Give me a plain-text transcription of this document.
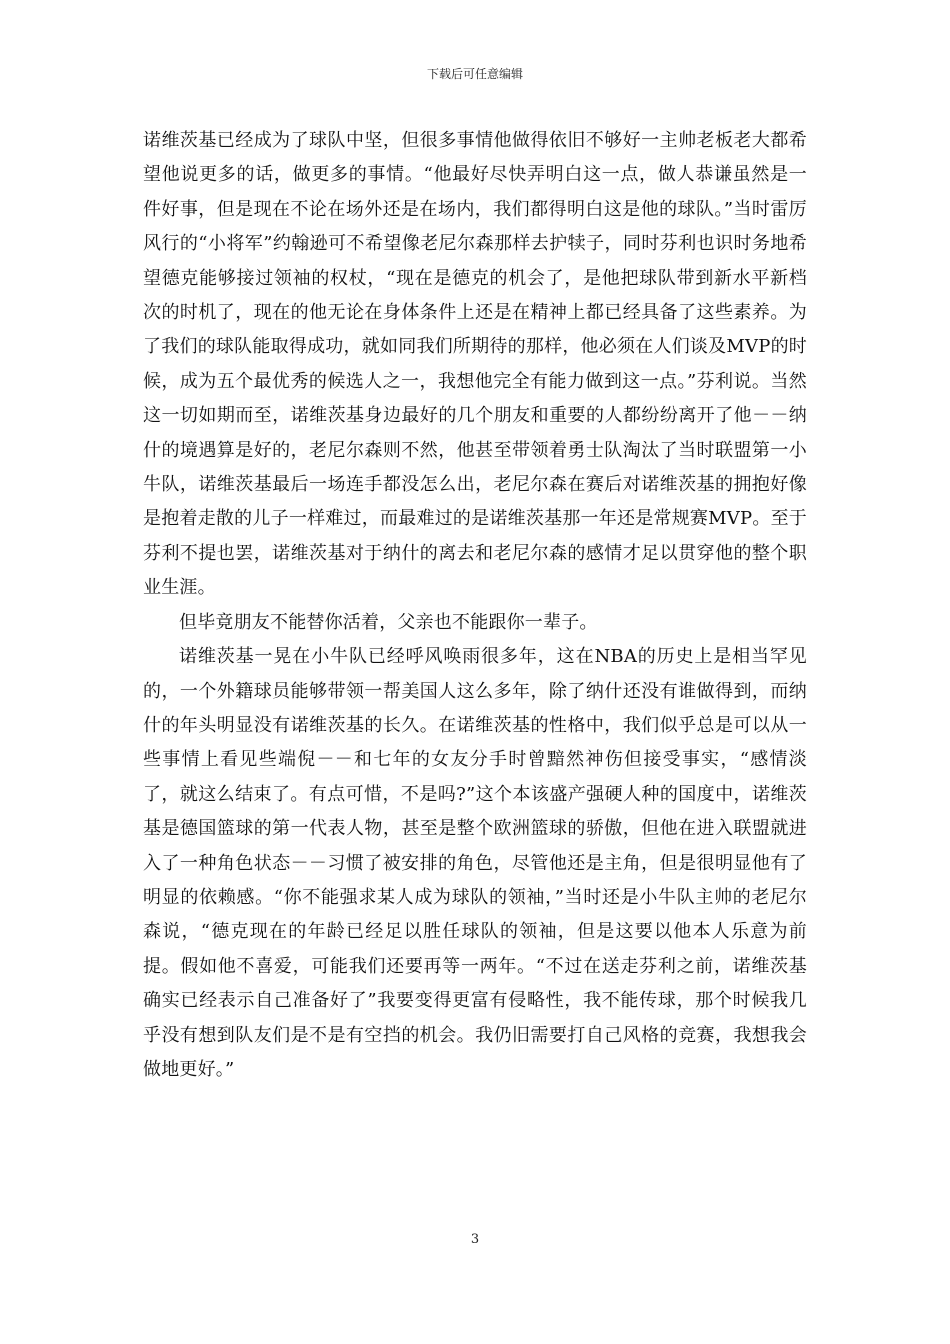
下载后可任意编辑

诺维茨基已经成为了球队中坚，但很多事情他做得依旧不够好一主帅老板老大都希望他说更多的话，做更多的事情。“他最好尽快弄明白这一点，做人恭谦虽然是一件好事，但是现在不论在场外还是在场内，我们都得明白这是他的球队。”当时雷厉风行的“小将军”约翰逊可不希望像老尼尔森那样去护犊子，同时芬利也识时务地希望德克能够接过领袖的权杖，“现在是德克的机会了，是他把球队带到新水平新档次的时机了，现在的他无论在身体条件上还是在精神上都已经具备了这些素养。为了我们的球队能取得成功，就如同我们所期待的那样，他必须在人们谈及MVP的时候，成为五个最优秀的候选人之一，我想他完全有能力做到这一点。”芬利说。当然这一切如期而至，诺维茨基身边最好的几个朋友和重要的人都纷纷离开了他－－纳什的境遇算是好的，老尼尔森则不然，他甚至带领着勇士队淘汰了当时联盟第一小牛队，诺维茨基最后一场连手都没怎么出，老尼尔森在赛后对诺维茨基的拥抱好像是抱着走散的儿子一样难过，而最难过的是诺维茨基那一年还是常规赛MVP。至于芬利不提也罢，诺维茨基对于纳什的离去和老尼尔森的感情才足以贯穿他的整个职业生涯。

但毕竟朋友不能替你活着，父亲也不能跟你一辈子。

诺维茨基一晃在小牛队已经呼风唤雨很多年，这在NBA的历史上是相当罕见的，一个外籍球员能够带领一帮美国人这么多年，除了纳什还没有谁做得到，而纳什的年头明显没有诺维茨基的长久。在诺维茨基的性格中，我们似乎总是可以从一些事情上看见些端倪－－和七年的女友分手时曾黯然神伤但接受事实，“感情淡了，就这么结束了。有点可惜，不是吗?”这个本该盛产强硬人种的国度中，诺维茨基是德国篮球的第一代表人物，甚至是整个欧洲篮球的骄傲，但他在进入联盟就进入了一种角色状态－－习惯了被安排的角色，尽管他还是主角，但是很明显他有了明显的依赖感。“你不能强求某人成为球队的领袖，”当时还是小牛队主帅的老尼尔森说，“德克现在的年龄已经足以胜任球队的领袖，但是这要以他本人乐意为前提。假如他不喜爱，可能我们还要再等一两年。“不过在送走芬利之前，诺维茨基确实已经表示自己准备好了”我要变得更富有侵略性，我不能传球，那个时候我几乎没有想到队友们是不是有空挡的机会。我仍旧需要打自己风格的竞赛，我想我会做地更好。”

3
